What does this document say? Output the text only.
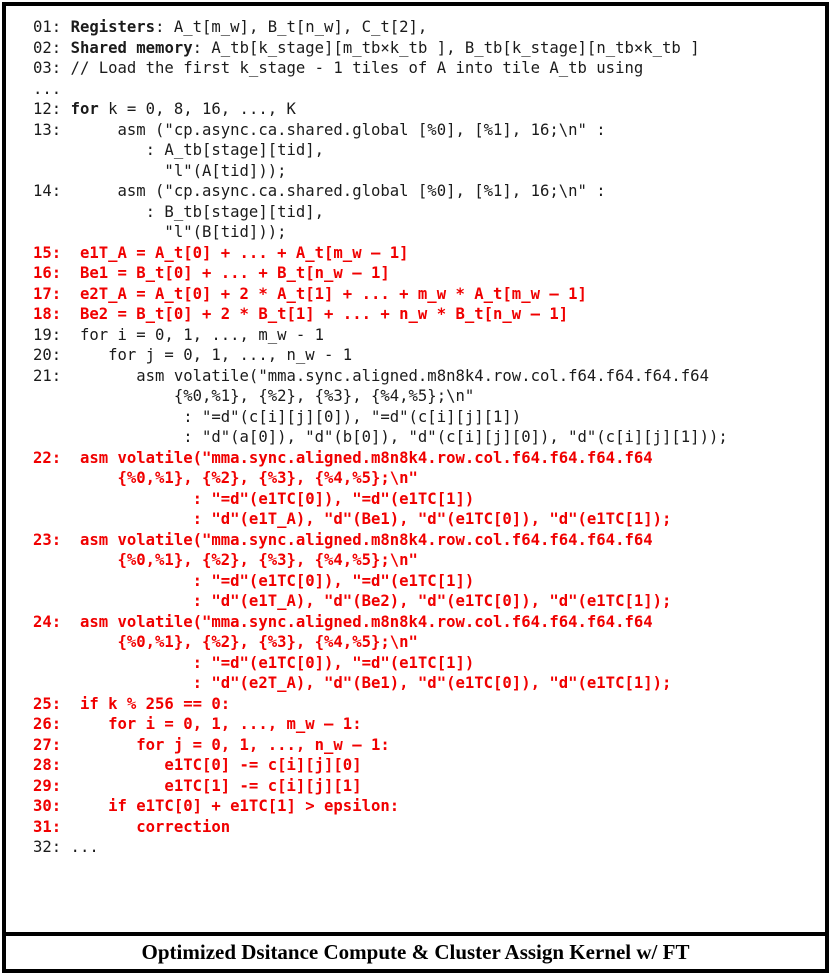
01: Registers: A_t[m_w], B_t[n_w], C_t[2],
02: Shared memory: A_tb[k_stage][m_tb×k_tb ], B_tb[k_stage][n_tb×k_tb ]
03: // Load the first k_stage - 1 tiles of A into tile A_tb using
...
12: for k = 0, 8, 16, ..., K
13:      asm ("cp.async.ca.shared.global [%0], [%1], 16;\n" :
: A_tb[stage][tid],
"l"(A[tid]));
14:      asm ("cp.async.ca.shared.global [%0], [%1], 16;\n" :
: B_tb[stage][tid],
"l"(B[tid]));
15:  e1T_A = A_t[0] + ... + A_t[m_w – 1]
16:  Be1 = B_t[0] + ... + B_t[n_w – 1]
17:  e2T_A = A_t[0] + 2 * A_t[1] + ... + m_w * A_t[m_w – 1]
18:  Be2 = B_t[0] + 2 * B_t[1] + ... + n_w * B_t[n_w – 1]
19:  for i = 0, 1, ..., m_w - 1
20:     for j = 0, 1, ..., n_w - 1
21:        asm volatile("mma.sync.aligned.m8n8k4.row.col.f64.f64.f64.f64
{%0,%1}, {%2}, {%3}, {%4,%5};\n"
: "=d"(c[i][j][0]), "=d"(c[i][j][1])
: "d"(a[0]), "d"(b[0]), "d"(c[i][j][0]), "d"(c[i][j][1]));
22:  asm volatile("mma.sync.aligned.m8n8k4.row.col.f64.f64.f64.f64
{%0,%1}, {%2}, {%3}, {%4,%5};\n"
: "=d"(e1TC[0]), "=d"(e1TC[1])
: "d"(e1T_A), "d"(Be1), "d"(e1TC[0]), "d"(e1TC[1]);
23:  asm volatile("mma.sync.aligned.m8n8k4.row.col.f64.f64.f64.f64
{%0,%1}, {%2}, {%3}, {%4,%5};\n"
: "=d"(e1TC[0]), "=d"(e1TC[1])
: "d"(e1T_A), "d"(Be2), "d"(e1TC[0]), "d"(e1TC[1]);
24:  asm volatile("mma.sync.aligned.m8n8k4.row.col.f64.f64.f64.f64
{%0,%1}, {%2}, {%3}, {%4,%5};\n"
: "=d"(e1TC[0]), "=d"(e1TC[1])
: "d"(e2T_A), "d"(Be1), "d"(e1TC[0]), "d"(e1TC[1]);
25:  if k % 256 == 0:
26:     for i = 0, 1, ..., m_w – 1:
27:        for j = 0, 1, ..., n_w – 1:
28:           e1TC[0] -= c[i][j][0]
29:           e1TC[1] -= c[i][j][1]
30:     if e1TC[0] + e1TC[1] > epsilon:
31:        correction
32: ...
Optimized Dsitance Compute & Cluster Assign Kernel w/ FT
